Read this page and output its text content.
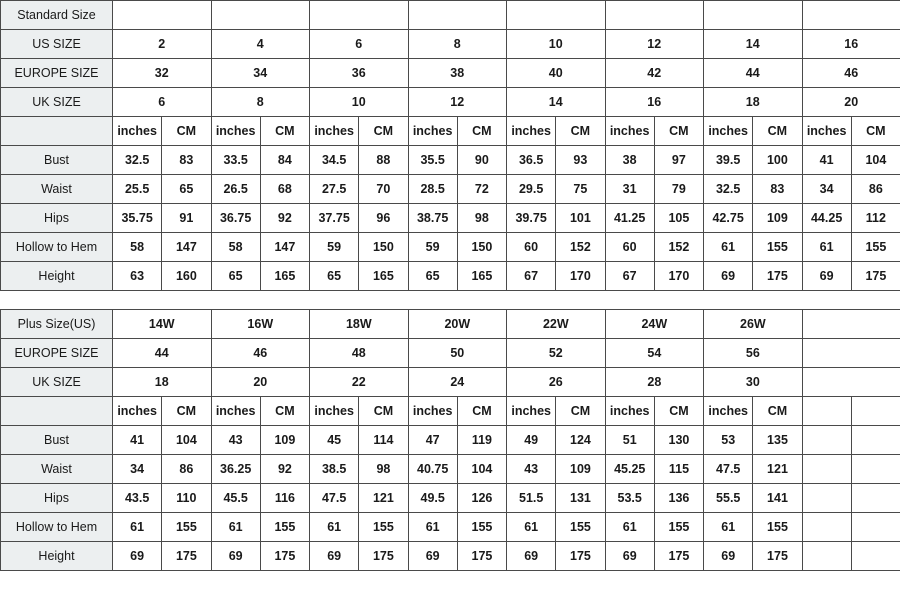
Standard Size																
US SIZE	2		4		6		8		10		12		14		16	
EUROPE SIZE	32		34		36		38		40		42		44		46	
UK SIZE	6		8		10		12		14		16		18		20	
	inches	CM	inches	CM	inches	CM	inches	CM	inches	CM	inches	CM	inches	CM	inches	CM
Bust	32.5	83	33.5	84	34.5	88	35.5	90	36.5	93	38	97	39.5	100	41	104
Waist	25.5	65	26.5	68	27.5	70	28.5	72	29.5	75	31	79	32.5	83	34	86
Hips	35.75	91	36.75	92	37.75	96	38.75	98	39.75	101	41.25	105	42.75	109	44.25	112
Hollow to Hem	58	147	58	147	59	150	59	150	60	152	60	152	61	155	61	155
Height	63	160	65	165	65	165	65	165	67	170	67	170	69	175	69	175
Plus Size(US)	14W		16W		18W		20W		22W		24W		26W			
EUROPE SIZE	44		46		48		50		52		54		56			
UK SIZE	18		20		22		24		26		28		30			
	inches	CM	inches	CM	inches	CM	inches	CM	inches	CM	inches	CM	inches	CM		
Bust	41	104	43	109	45	114	47	119	49	124	51	130	53	135		
Waist	34	86	36.25	92	38.5	98	40.75	104	43	109	45.25	115	47.5	121		
Hips	43.5	110	45.5	116	47.5	121	49.5	126	51.5	131	53.5	136	55.5	141		
Hollow to Hem	61	155	61	155	61	155	61	155	61	155	61	155	61	155		
Height	69	175	69	175	69	175	69	175	69	175	69	175	69	175		
